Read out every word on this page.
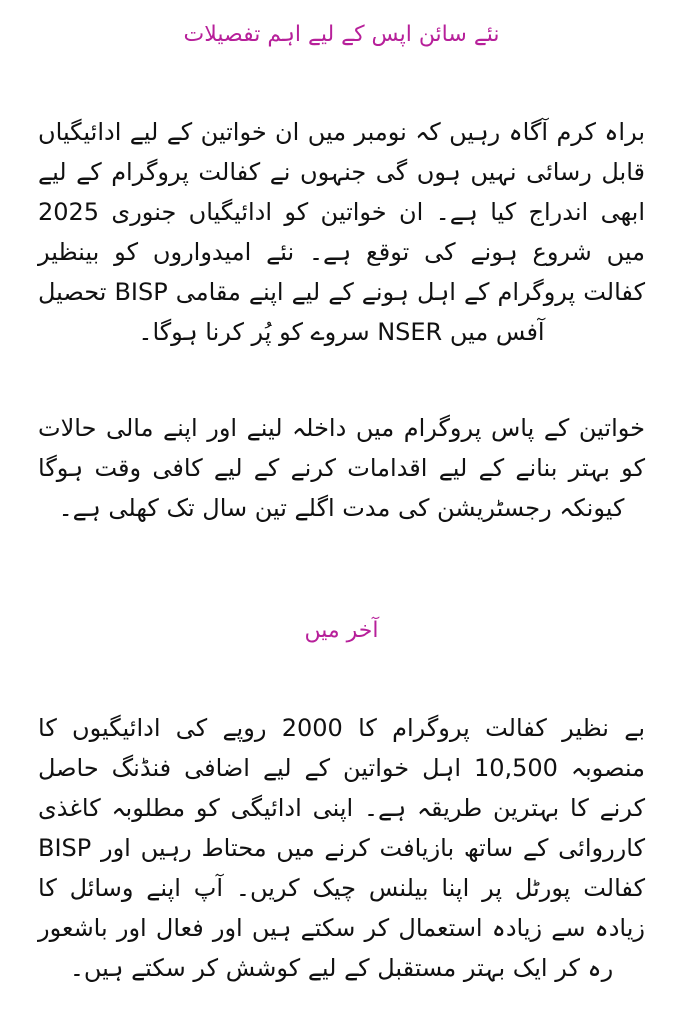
نئے سائن اپس کے لیے اہم تفصیلات

براہ کرم آگاہ رہیں کہ نومبر میں ان خواتین کے لیے ادائیگیاں قابل رسائی نہیں ہوں گی جنہوں نے کفالت پروگرام کے لیے ابھی اندراج کیا ہے۔ ان خواتین کو ادائیگیاں جنوری 2025 میں شروع ہونے کی توقع ہے۔ نئے امیدواروں کو بینظیر کفالت پروگرام کے اہل ہونے کے لیے اپنے مقامی BISP تحصیل آفس میں NSER سروے کو پُر کرنا ہوگا۔

خواتین کے پاس پروگرام میں داخلہ لینے اور اپنے مالی حالات کو بہتر بنانے کے لیے اقدامات کرنے کے لیے کافی وقت ہوگا کیونکہ رجسٹریشن کی مدت اگلے تین سال تک کھلی ہے۔

آخر میں

بے نظیر کفالت پروگرام کا 2000 روپے کی ادائیگیوں کا منصوبہ 10,500 اہل خواتین کے لیے اضافی فنڈنگ حاصل کرنے کا بہترین طریقہ ہے۔ اپنی ادائیگی کو مطلوبہ کاغذی کارروائی کے ساتھ بازیافت کرنے میں محتاط رہیں اور BISP کفالت پورٹل پر اپنا بیلنس چیک کریں۔ آپ اپنے وسائل کا زیادہ سے زیادہ استعمال کر سکتے ہیں اور فعال اور باشعور رہ کر ایک بہتر مستقبل کے لیے کوشش کر سکتے ہیں۔
